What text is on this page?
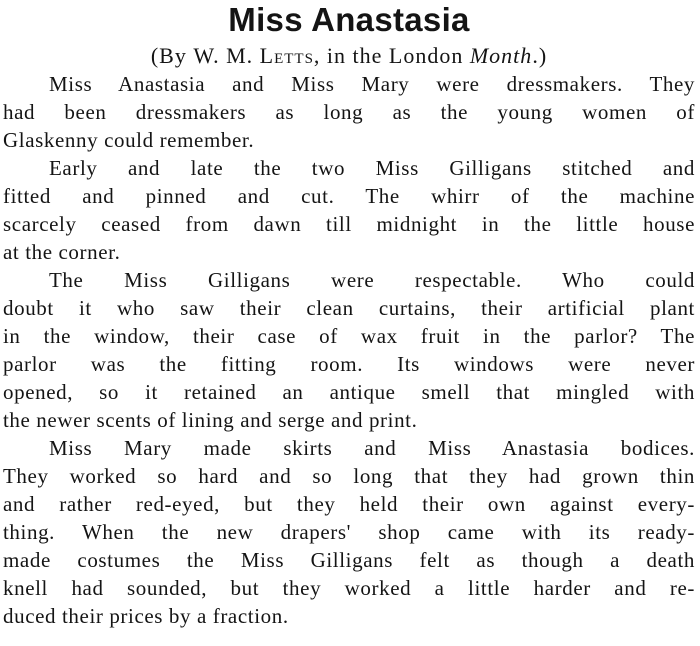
Miss Anastasia
(By W. M. Letts, in the London Month.)
Miss Anastasia and Miss Mary were dressmakers. They
had been dressmakers as long as the young women of
Glaskenny could remember.
Early and late the two Miss Gilligans stitched and
fitted and pinned and cut. The whirr of the machine
scarcely ceased from dawn till midnight in the little house
at the corner.
The Miss Gilligans were respectable. Who could
doubt it who saw their clean curtains, their artificial plant
in the window, their case of wax fruit in the parlor? The
parlor was the fitting room. Its windows were never
opened, so it retained an antique smell that mingled with
the newer scents of lining and serge and print.
Miss Mary made skirts and Miss Anastasia bodices.
They worked so hard and so long that they had grown thin
and rather red-eyed, but they held their own against every-
thing. When the new drapers' shop came with its ready-
made costumes the Miss Gilligans felt as though a death
knell had sounded, but they worked a little harder and re-
duced their prices by a fraction.
